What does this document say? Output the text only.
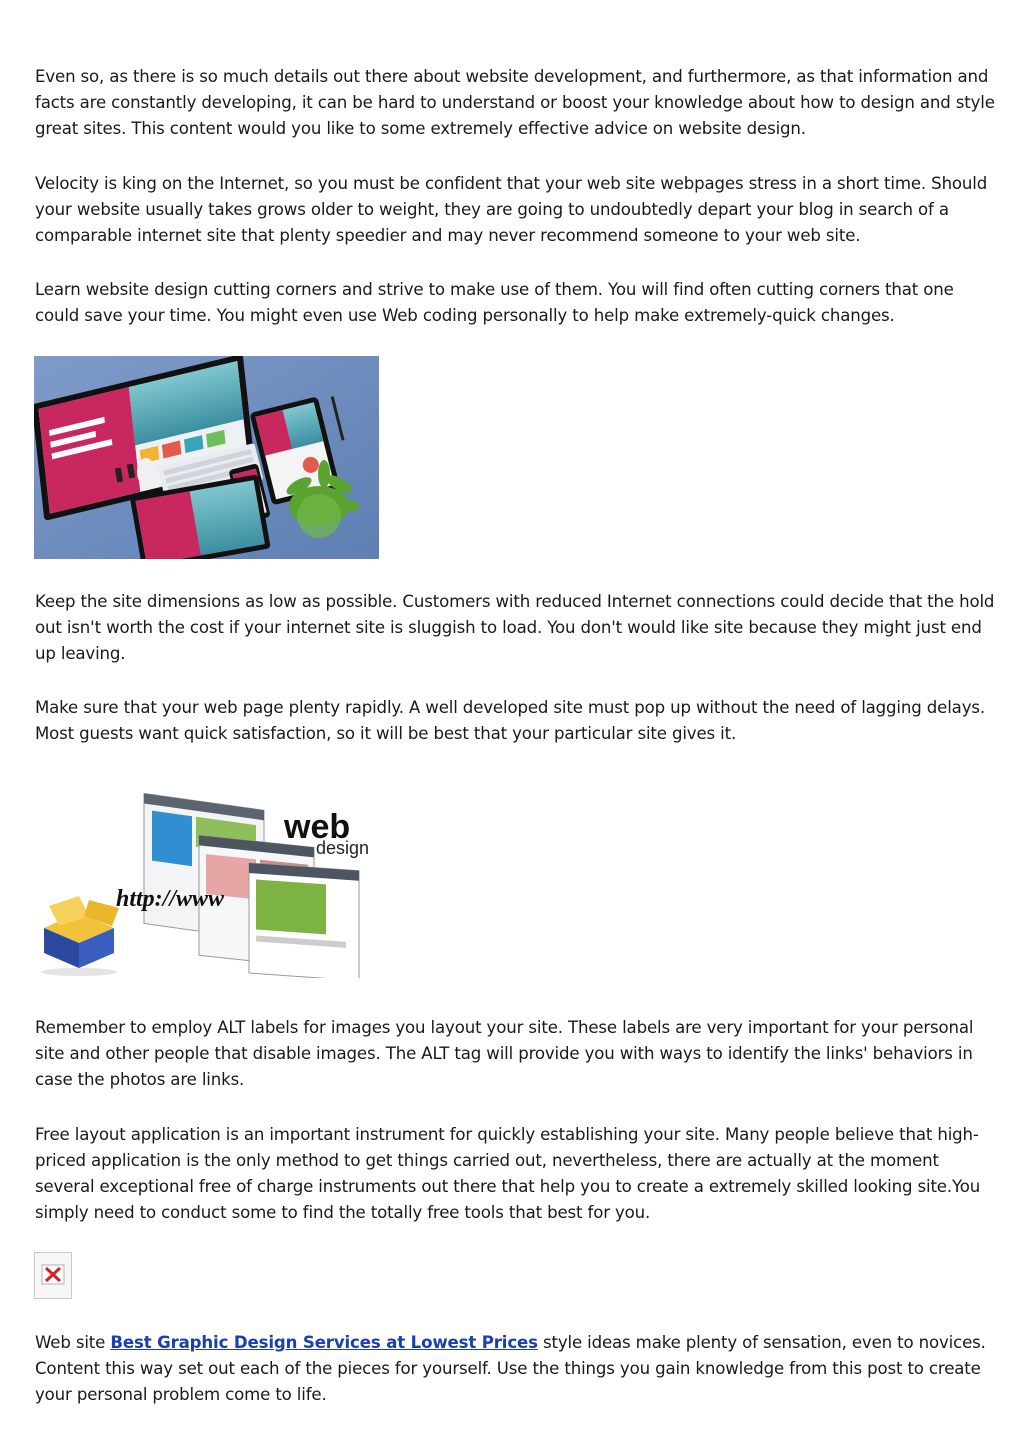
Even so, as there is so much details out there about website development, and furthermore, as that information and facts are constantly developing, it can be hard to understand or boost your knowledge about how to design and style great sites. This content would you like to some extremely effective advice on website design.

Velocity is king on the Internet, so you must be confident that your web site webpages stress in a short time. Should your website usually takes grows older to weight, they are going to undoubtedly depart your blog in search of a comparable internet site that plenty speedier and may never recommend someone to your web site.

Learn website design cutting corners and strive to make use of them. You will find often cutting corners that one could save your time. You might even use Web coding personally to help make extremely-quick changes.

Keep the site dimensions as low as possible. Customers with reduced Internet connections could decide that the hold out isn't worth the cost if your internet site is sluggish to load. You don't would like site because they might just end up leaving.

Make sure that your web page plenty rapidly. A well developed site must pop up without the need of lagging delays. Most guests want quick satisfaction, so it will be best that your particular site gives it.

web
design
http://www

Remember to employ ALT labels for images you layout your site. These labels are very important for your personal site and other people that disable images. The ALT tag will provide you with ways to identify the links' behaviors in case the photos are links.

Free layout application is an important instrument for quickly establishing your site. Many people believe that high-priced application is the only method to get things carried out, nevertheless, there are actually at the moment several exceptional free of charge instruments out there that help you to create a extremely skilled looking site.You simply need to conduct some to find the totally free tools that best for you.

Web site Best Graphic Design Services at Lowest Prices style ideas make plenty of sensation, even to novices. Content this way set out each of the pieces for yourself. Use the things you gain knowledge from this post to create your personal problem come to life.
